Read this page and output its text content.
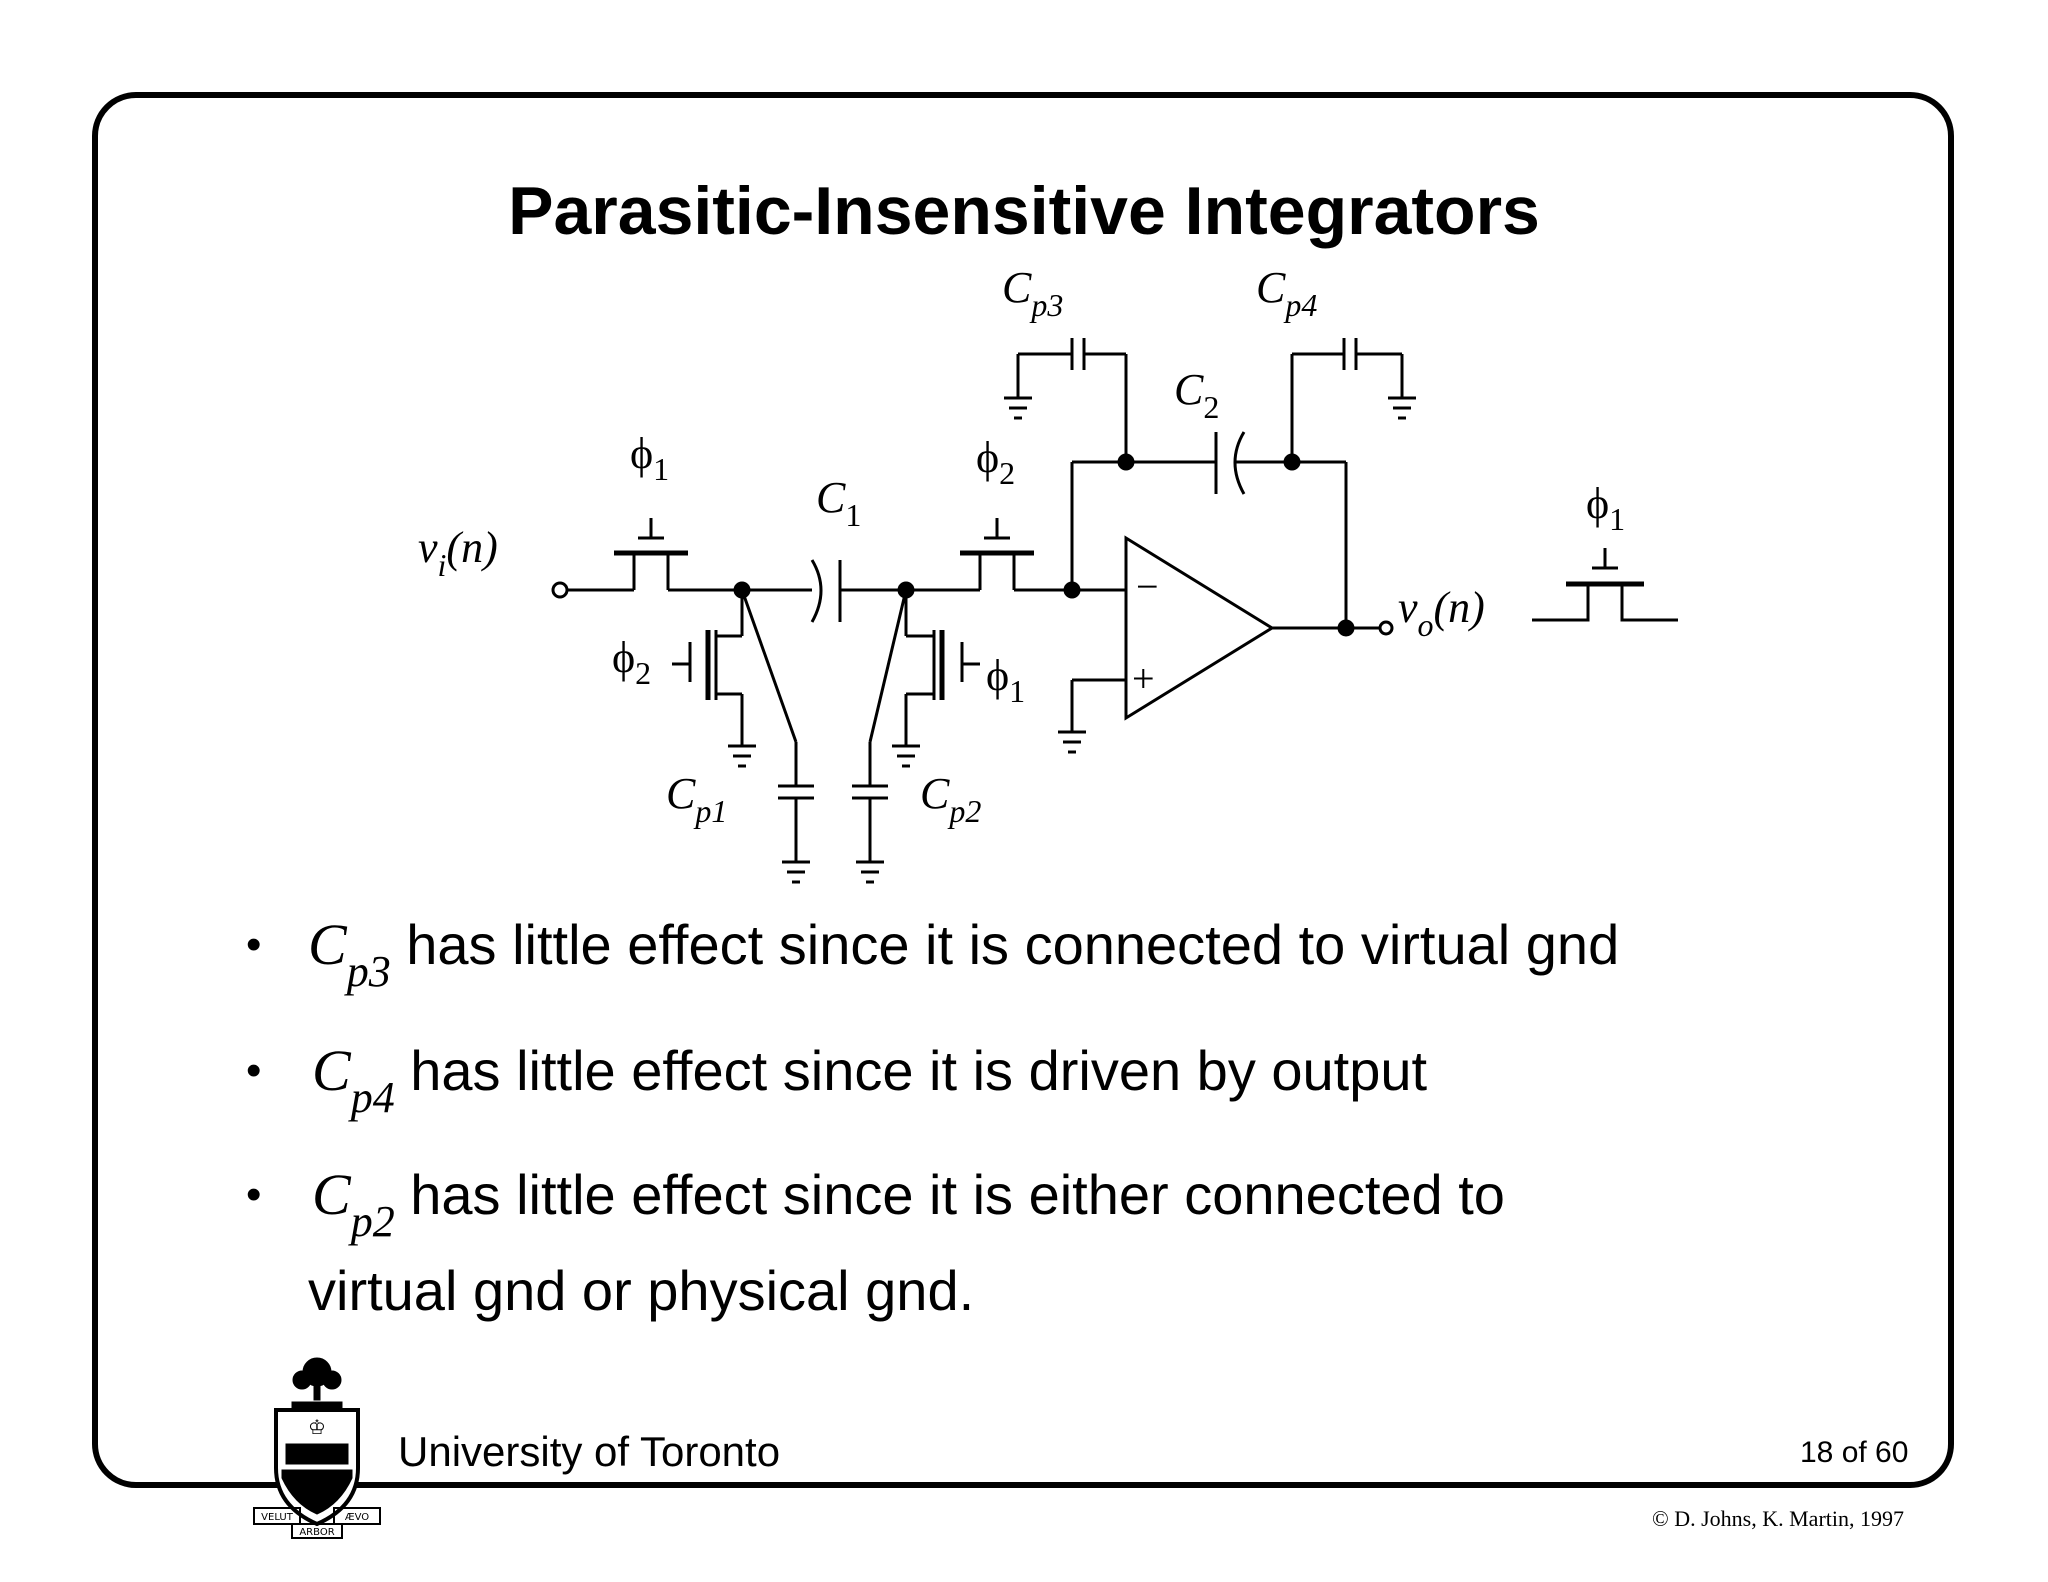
Parasitic-Insensitive Integrators
$v_i(n)$
$v_o(n)$
$C_1$
$C_2$
$C_{p3}$	$C_{p4}$
$C_{p1}$	$C_{p2}$
$\phi_1$	$\phi_2$
$\phi_2$	$\phi_1$
$\phi_1$
−
+
• $C_{p3}$ has little effect since it is connected to virtual gnd
• $C_{p4}$ has little effect since it is driven by output
• $C_{p2}$ has little effect since it is either connected to
virtual gnd or physical gnd.
♔
VELUT
ARBOR
ÆVO
University of Toronto	18 of 60
© D. Johns, K. Martin, 1997
